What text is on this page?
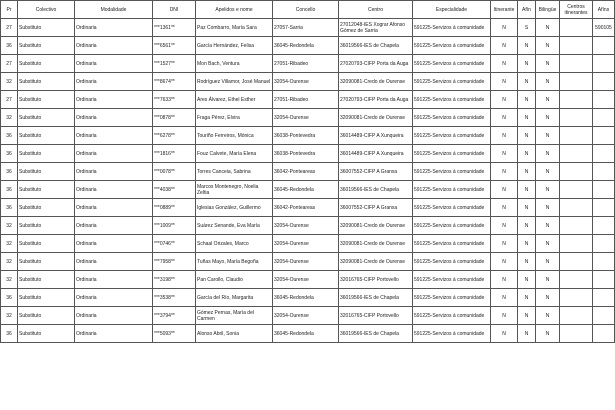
Pr	Colectivo	Modalidade	DNI	Apelidos e nome	Concello	Centro	Especialidade	Itinerante	Afín	Bilingüe	Centros itinerantes	Afíns
27	Substituto	Ordinaria	***1361**	Paz Combarro, María Sara	27057-Sarria	27012048-IES Xograr Afonso Gómez de Sarria	591225-Servizos á comunidade	N	S	N		590105
36	Substituto	Ordinaria	***6561**	García Hernández, Felisa	36045-Redondela	36019566-IES de Chapela	591225-Servizos á comunidade	N	N	N		
27	Substituto	Ordinaria	***1527**	Mon Bach, Ventura	27051-Ribadeo	27020793-CIFP Porta da Auga	591225-Servizos á comunidade	N	N	N		
32	Substituto	Ordinaria	***8674**	Rodríguez Villamor, José Manuel	32054-Ourense	32090081-Credo de Ourense	591225-Servizos á comunidade	N	N	N		
27	Substituto	Ordinaria	***7633**	Ares Álvarez, Ethel Esther	27051-Ribadeo	27020793-CIFP Porta da Auga	591225-Servizos á comunidade	N	N	N		
32	Substituto	Ordinaria	***0878**	Fraga Pérez, Elvira	32054-Ourense	32090081-Credo de Ourense	591225-Servizos á comunidade	N	N	N		
36	Substituto	Ordinaria	***6278**	Touriño Ferreiros, Mónica	36038-Pontevedra	36014489-CIFP A Xunqueira	591225-Servizos á comunidade	N	N	N		
36	Substituto	Ordinaria	***1816**	Fouz Calvete, María Elena	36038-Pontevedra	36014489-CIFP A Xunqueira	591225-Servizos á comunidade	N	N	N		
36	Substituto	Ordinaria	***0078**	Torres Canceia, Sabrina	36042-Ponteareas	36007552-CIFP A Granxa	591225-Servizos á comunidade	N	N	N		
36	Substituto	Ordinaria	***4038**	Marcos Montenegro, Noelia Zeltia	36045-Redondela	36019566-IES de Chapela	591225-Servizos á comunidade	N	N	N		
36	Substituto	Ordinaria	***0889**	Iglesias González, Guillermo	36042-Ponteareas	36007552-CIFP A Granxa	591225-Servizos á comunidade	N	N	N		
32	Substituto	Ordinaria	***1009**	Suárez Senande, Eva María	32054-Ourense	32090081-Credo de Ourense	591225-Servizos á comunidade	N	N	N		
32	Substituto	Ordinaria	***0746**	Schaal Orizales, Marco	32054-Ourense	32090081-Credo de Ourense	591225-Servizos á comunidade	N	N	N		
32	Substituto	Ordinaria	***7958**	Tuñas Mayo, María Begoña	32054-Ourense	32090081-Credo de Ourense	591225-Servizos á comunidade	N	N	N		
32	Substituto	Ordinaria	***3198**	Pan Carollo, Claudio	32054-Ourense	32016765-CIFP Portovello	591225-Servizos á comunidade	N	N	N		
36	Substituto	Ordinaria	***3538**	García del Río, Margarita	36045-Redondela	36019566-IES de Chapela	591225-Servizos á comunidade	N	N	N		
32	Substituto	Ordinaria	***3794**	Gómez Pernas, María del Carmen	32054-Ourense	32016765-CIFP Portovello	591225-Servizos á comunidade	N	N	N		
36	Substituto	Ordinaria	***5093**	Alonso Abril, Sonia	36045-Redondela	36019566-IES de Chapela	591225-Servizos á comunidade	N	N	N		
